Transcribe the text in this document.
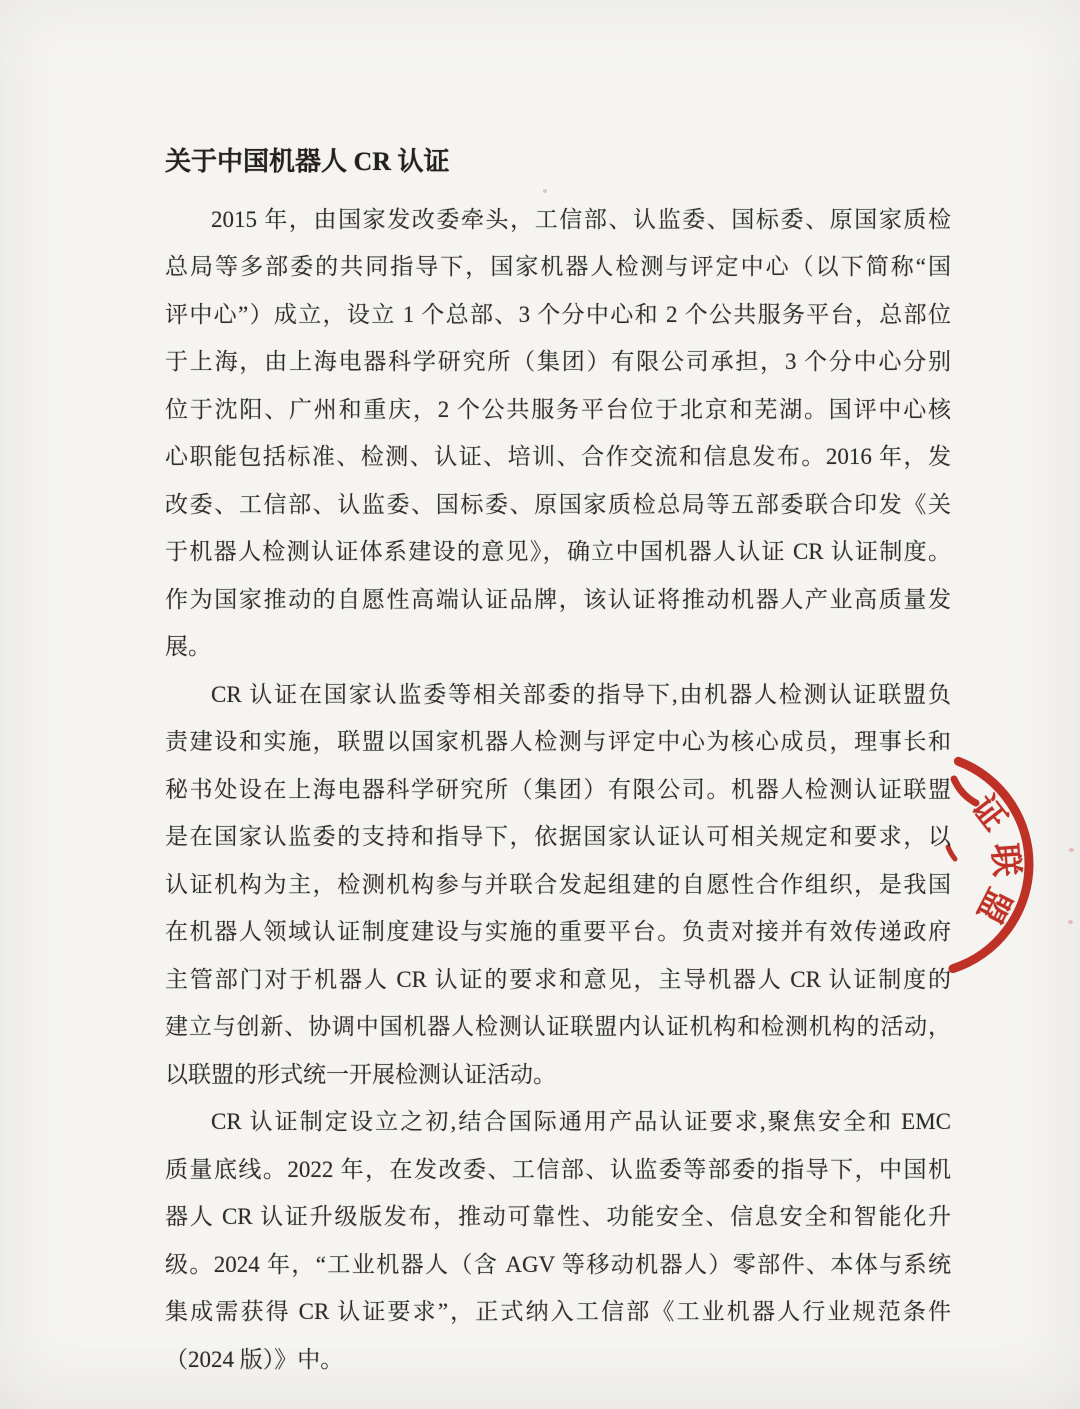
关于中国机器人 CR 认证
2015 年，由国家发改委牵头，工信部、认监委、国标委、原国家质检
总局等多部委的共同指导下，国家机器人检测与评定中心（以下简称“国
评中心”）成立，设立 1 个总部、3 个分中心和 2 个公共服务平台，总部位
于上海，由上海电器科学研究所（集团）有限公司承担，3 个分中心分别
位于沈阳、广州和重庆，2 个公共服务平台位于北京和芜湖。国评中心核
心职能包括标准、检测、认证、培训、合作交流和信息发布。2016 年，发
改委、工信部、认监委、国标委、原国家质检总局等五部委联合印发《关
于机器人检测认证体系建设的意见》，确立中国机器人认证 CR 认证制度。
作为国家推动的自愿性高端认证品牌，该认证将推动机器人产业高质量发
展。
CR 认证在国家认监委等相关部委的指导下,由机器人检测认证联盟负
责建设和实施，联盟以国家机器人检测与评定中心为核心成员，理事长和
秘书处设在上海电器科学研究所（集团）有限公司。机器人检测认证联盟
是在国家认监委的支持和指导下，依据国家认证认可相关规定和要求，以
认证机构为主，检测机构参与并联合发起组建的自愿性合作组织，是我国
在机器人领域认证制度建设与实施的重要平台。负责对接并有效传递政府
主管部门对于机器人 CR 认证的要求和意见，主导机器人 CR 认证制度的
建立与创新、协调中国机器人检测认证联盟内认证机构和检测机构的活动，
以联盟的形式统一开展检测认证活动。
CR 认证制定设立之初,结合国际通用产品认证要求,聚焦安全和 EMC
质量底线。2022 年，在发改委、工信部、认监委等部委的指导下，中国机
器人 CR 认证升级版发布，推动可靠性、功能安全、信息安全和智能化升
级。2024 年，“工业机器人（含 AGV 等移动机器人）零部件、本体与系统
集成需获得 CR 认证要求”，正式纳入工信部《工业机器人行业规范条件
（2024 版）》中。
证
联
盟
